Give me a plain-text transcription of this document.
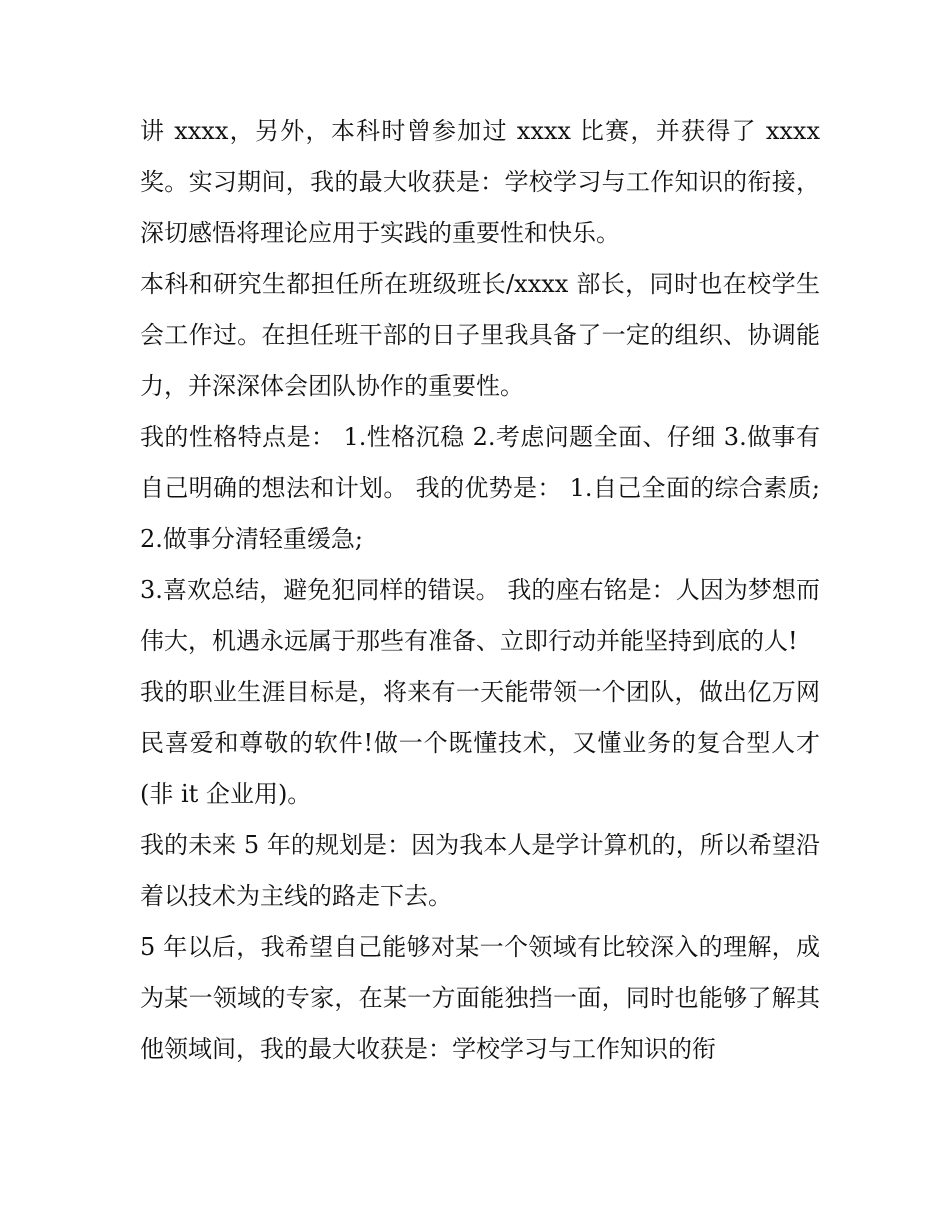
讲 xxxx，另外，本科时曾参加过 xxxx 比赛，并获得了 xxxx 奖。实习期间，我的最大收获是：学校学习与工作知识的衔接，深切感悟将理论应用于实践的重要性和快乐。

本科和研究生都担任所在班级班长/xxxx 部长，同时也在校学生会工作过。在担任班干部的日子里我具备了一定的组织、协调能力，并深深体会团队协作的重要性。

我的性格特点是： 1.性格沉稳 2.考虑问题全面、仔细 3.做事有自己明确的想法和计划。 我的优势是： 1.自己全面的综合素质; 2.做事分清轻重缓急;

3.喜欢总结，避免犯同样的错误。 我的座右铭是：人因为梦想而伟大，机遇永远属于那些有准备、立即行动并能坚持到底的人!

我的职业生涯目标是，将来有一天能带领一个团队，做出亿万网民喜爱和尊敬的软件!做一个既懂技术，又懂业务的复合型人才(非 it 企业用)。

我的未来 5 年的规划是：因为我本人是学计算机的，所以希望沿着以技术为主线的路走下去。

5 年以后，我希望自己能够对某一个领域有比较深入的理解，成为某一领域的专家，在某一方面能独挡一面，同时也能够了解其他领域间，我的最大收获是：学校学习与工作知识的衔
